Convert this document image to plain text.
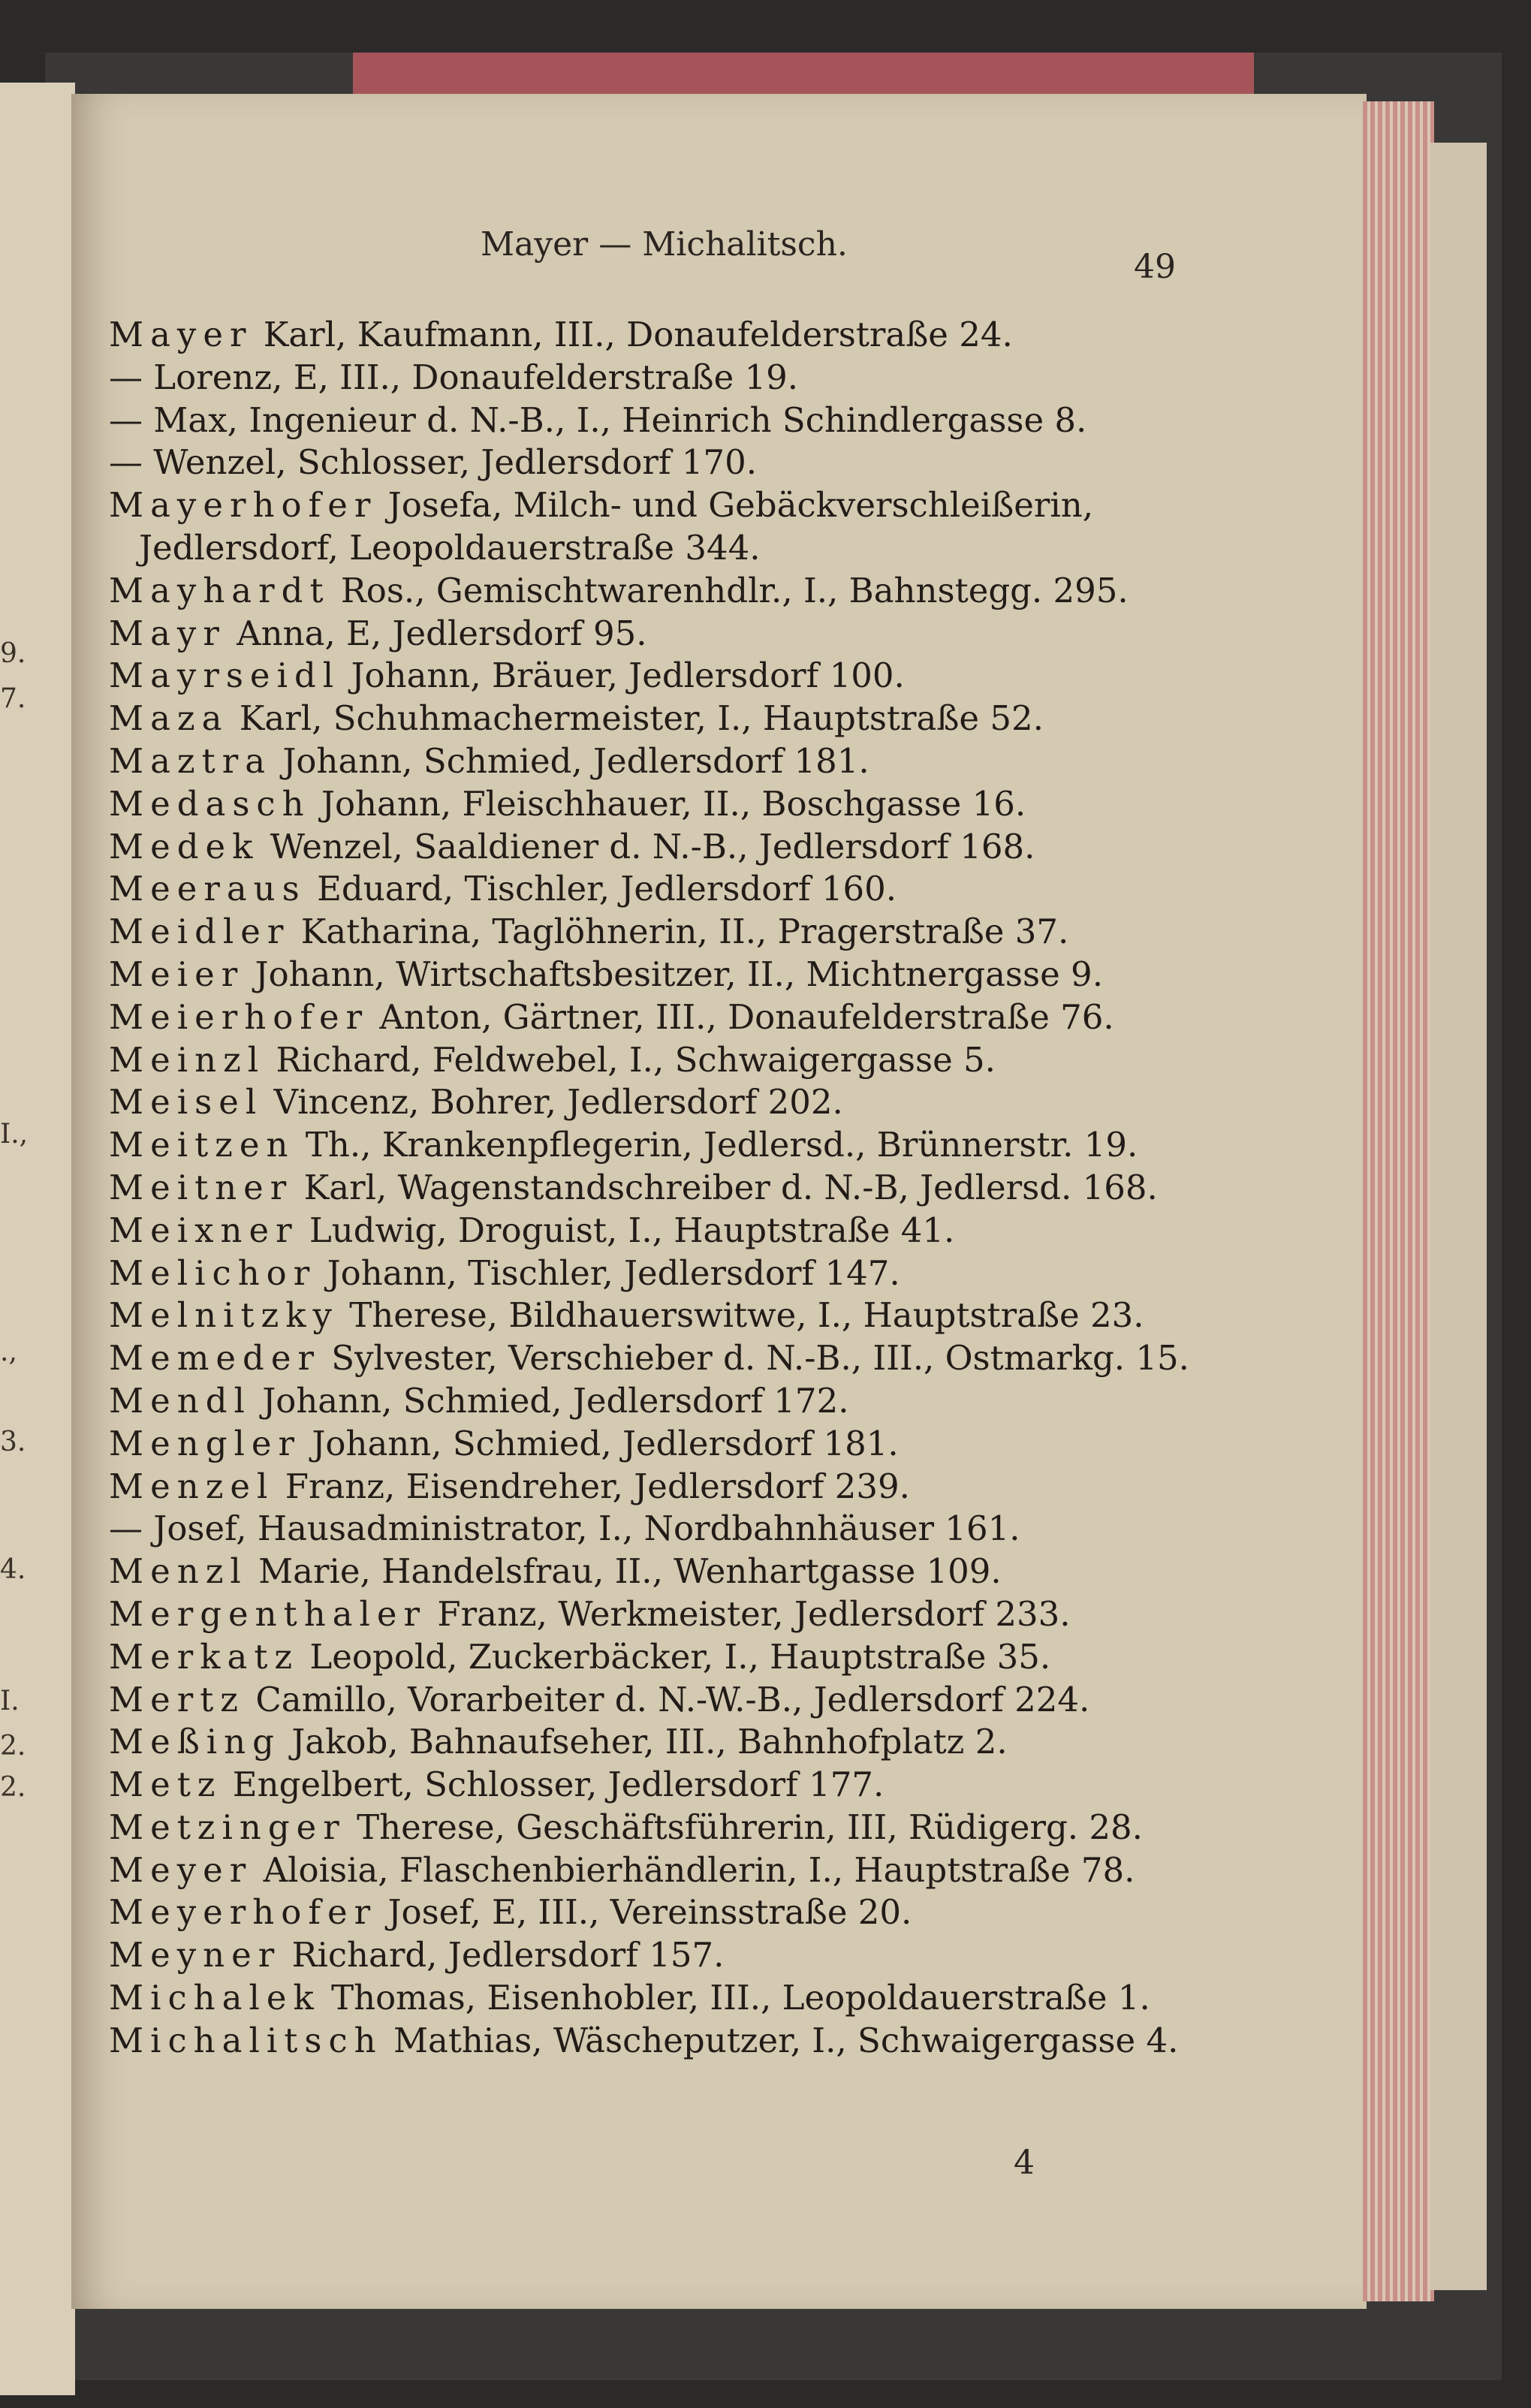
9.
7.
I.,
.,
3.
4.
I.
2.
2.
Mayer — Michalitsch.
49
Mayer Karl, Kaufmann, III., Donaufelderstraße 24.
— Lorenz, E, III., Donaufelderstraße 19.
— Max, Ingenieur d. N.-B., I., Heinrich Schindlergasse 8.
— Wenzel, Schlosser, Jedlersdorf 170.
Mayerhofer Josefa, Milch- und Gebäckverschleißerin,
Jedlersdorf, Leopoldauerstraße 344.
Mayhardt Ros., Gemischtwarenhdlr., I., Bahnstegg. 295.
Mayr Anna, E, Jedlersdorf 95.
Mayrseidl Johann, Bräuer, Jedlersdorf 100.
Maza Karl, Schuhmachermeister, I., Hauptstraße 52.
Maztra Johann, Schmied, Jedlersdorf 181.
Medasch Johann, Fleischhauer, II., Boschgasse 16.
Medek Wenzel, Saaldiener d. N.-B., Jedlersdorf 168.
Meeraus Eduard, Tischler, Jedlersdorf 160.
Meidler Katharina, Taglöhnerin, II., Pragerstraße 37.
Meier Johann, Wirtschaftsbesitzer, II., Michtnergasse 9.
Meierhofer Anton, Gärtner, III., Donaufelderstraße 76.
Meinzl Richard, Feldwebel, I., Schwaigergasse 5.
Meisel Vincenz, Bohrer, Jedlersdorf 202.
Meitzen Th., Krankenpflegerin, Jedlersd., Brünnerstr. 19.
Meitner Karl, Wagenstandschreiber d. N.-B, Jedlersd. 168.
Meixner Ludwig, Droguist, I., Hauptstraße 41.
Melichor Johann, Tischler, Jedlersdorf 147.
Melnitzky Therese, Bildhauerswitwe, I., Hauptstraße 23.
Memeder Sylvester, Verschieber d. N.-B., III., Ostmarkg. 15.
Mendl Johann, Schmied, Jedlersdorf 172.
Mengler Johann, Schmied, Jedlersdorf 181.
Menzel Franz, Eisendreher, Jedlersdorf 239.
— Josef, Hausadministrator, I., Nordbahnhäuser 161.
Menzl Marie, Handelsfrau, II., Wenhartgasse 109.
Mergenthaler Franz, Werkmeister, Jedlersdorf 233.
Merkatz Leopold, Zuckerbäcker, I., Hauptstraße 35.
Mertz Camillo, Vorarbeiter d. N.-W.-B., Jedlersdorf 224.
Meßing Jakob, Bahnaufseher, III., Bahnhofplatz 2.
Metz Engelbert, Schlosser, Jedlersdorf 177.
Metzinger Therese, Geschäftsführerin, III, Rüdigerg. 28.
Meyer Aloisia, Flaschenbierhändlerin, I., Hauptstraße 78.
Meyerhofer Josef, E, III., Vereinsstraße 20.
Meyner Richard, Jedlersdorf 157.
Michalek Thomas, Eisenhobler, III., Leopoldauerstraße 1.
Michalitsch Mathias, Wäscheputzer, I., Schwaigergasse 4.
4
